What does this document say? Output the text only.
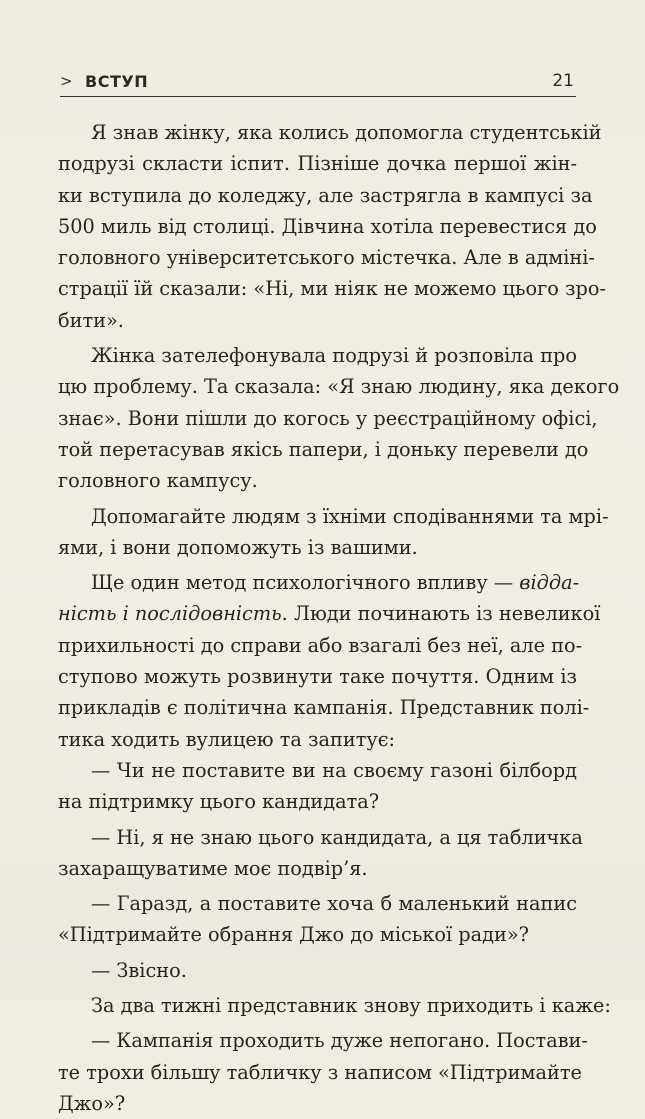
> ВСТУП	21
Я знав жінку, яка колись допомогла студентській
подрузі скласти іспит. Пізніше дочка першої жін-
ки вступила до коледжу, але застрягла в кампусі за
500 миль від столиці. Дівчина хотіла перевестися до
головного університетського містечка. Але в адміні-
страції їй сказали: «Ні, ми ніяк не можемо цього зро-
бити».
Жінка зателефонувала подрузі й розповіла про
цю проблему. Та сказала: «Я знаю людину, яка декого
знає». Вони пішли до когось у реєстраційному офісі,
той перетасував якісь папери, і доньку перевели до
головного кампусу.
Допомагайте людям з їхніми сподіваннями та мрі-
ями, і вони допоможуть із вашими.
Ще один метод психологічного впливу — відда-
ність і послідовність. Люди починають із невеликої
прихильності до справи або взагалі без неї, але по-
ступово можуть розвинути таке почуття. Одним із
прикладів є політична кампанія. Представник полі-
тика ходить вулицею та запитує:
— Чи не поставите ви на своєму газоні білборд
на підтримку цього кандидата?
— Ні, я не знаю цього кандидата, а ця табличка
захаращуватиме моє подвір’я.
— Гаразд, а поставите хоча б маленький напис
«Підтримайте обрання Джо до міської ради»?
— Звісно.
За два тижні представник знову приходить і каже:
— Кампанія проходить дуже непогано. Постави-
те трохи більшу табличку з написом «Підтримайте
Джо»?
